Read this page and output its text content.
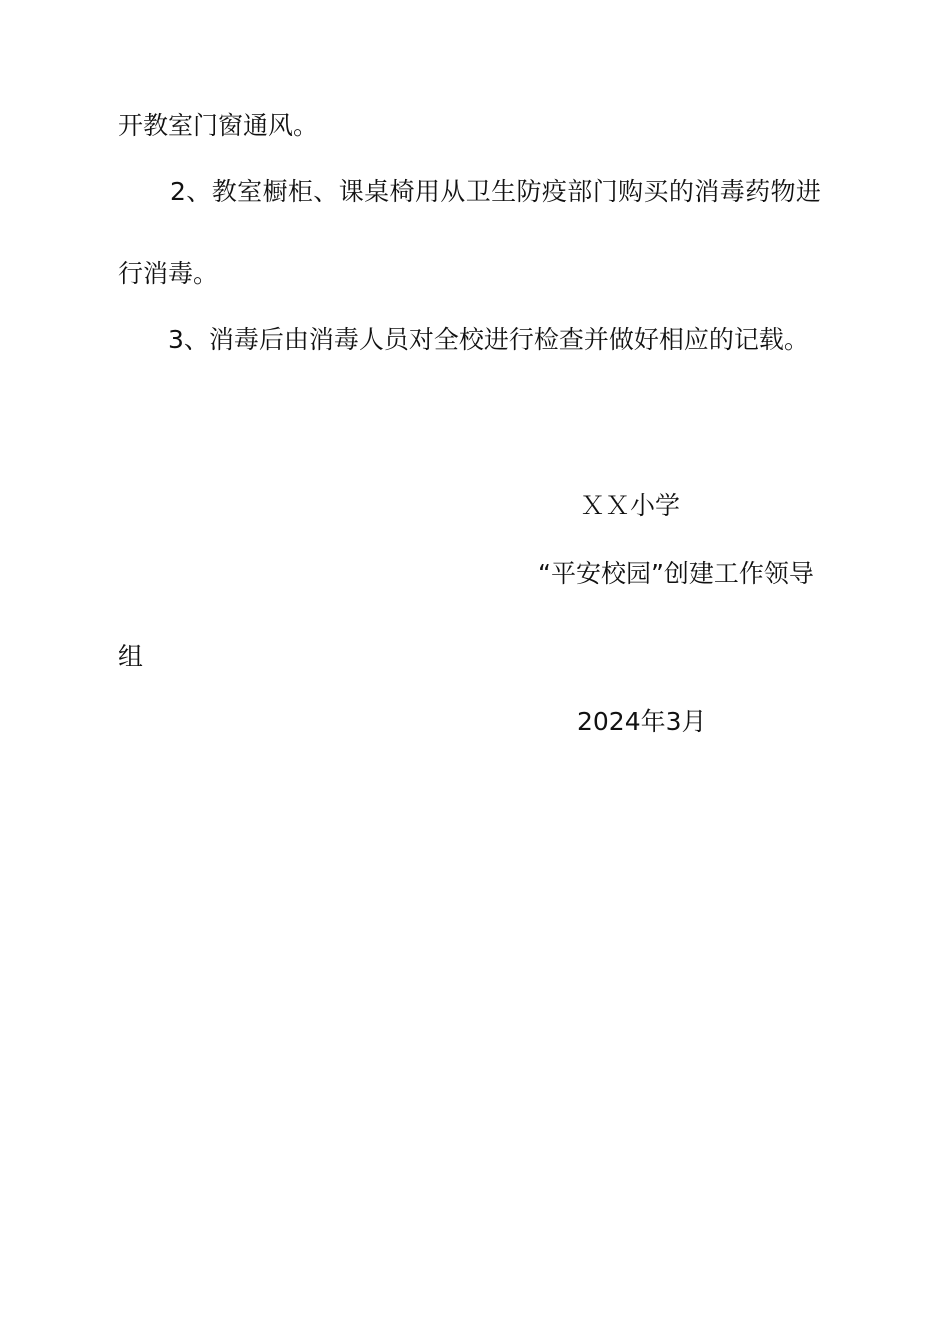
开教室门窗通风。

2、教室橱柜、课桌椅用从卫生防疫部门购买的消毒药物进

行消毒。

3、消毒后由消毒人员对全校进行检查并做好相应的记载。

ＸＸ小学

“平安校园”创建工作领导

组

2024年3月
